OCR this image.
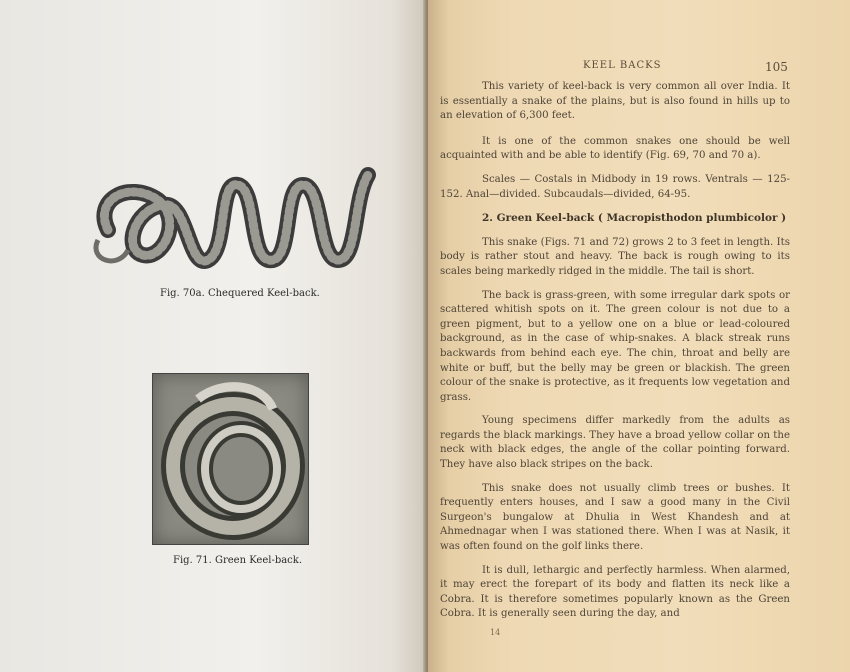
Fig. 70a. Chequered Keel-back.
Fig. 71. Green Keel-back.
KEEL BACKS	105

This variety of keel-back is very common all over India. It is essentially a snake of the plains, but is also found in hills up to an elevation of 6,300 feet.

It is one of the common snakes one should be well acquainted with and be able to identify (Fig. 69, 70 and 70 a).

Scales — Costals in Midbody in 19 rows. Ventrals — 125-152. Anal—divided. Subcaudals—divided, 64-95.

2. Green Keel-back ( Macropisthodon plumbicolor )

This snake (Figs. 71 and 72) grows 2 to 3 feet in length. Its body is rather stout and heavy. The back is rough owing to its scales being markedly ridged in the middle. The tail is short.

The back is grass-green, with some irregular dark spots or scattered whitish spots on it. The green colour is not due to a green pigment, but to a yellow one on a blue or lead-coloured background, as in the case of whip-snakes. A black streak runs backwards from behind each eye. The chin, throat and belly are white or buff, but the belly may be green or blackish. The green colour of the snake is protective, as it frequents low vegetation and grass.

Young specimens differ markedly from the adults as regards the black markings. They have a broad yellow collar on the neck with black edges, the angle of the collar pointing forward. They have also black stripes on the back.

This snake does not usually climb trees or bushes. It frequently enters houses, and I saw a good many in the Civil Surgeon's bungalow at Dhulia in West Khandesh and at Ahmednagar when I was stationed there. When I was at Nasik, it was often found on the golf links there.

It is dull, lethargic and perfectly harmless. When alarmed, it may erect the forepart of its body and flatten its neck like a Cobra. It is therefore sometimes popularly known as the Green Cobra. It is generally seen during the day, and

14
